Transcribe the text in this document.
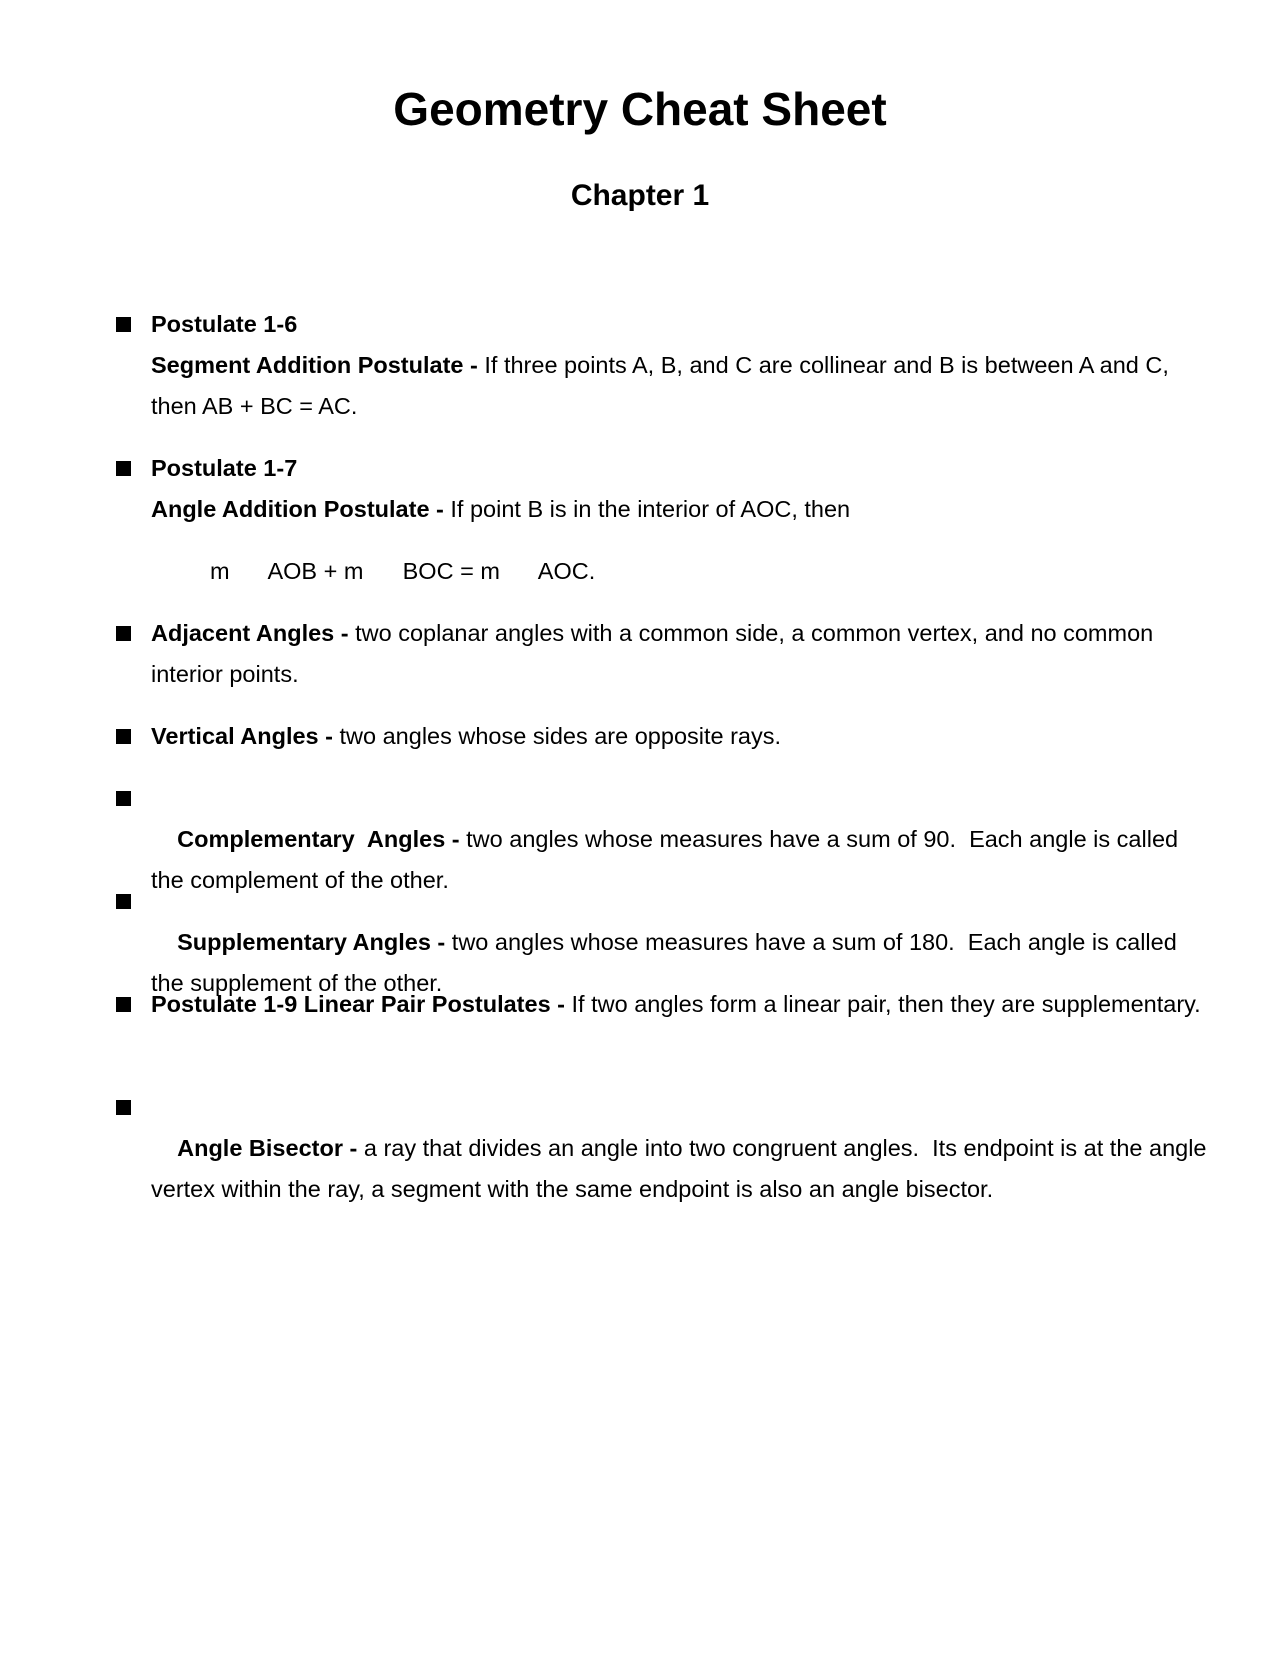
Geometry Cheat Sheet
Chapter 1
Postulate 1-6
Segment Addition Postulate - If three points A, B, and C are collinear and B is between A and C, then AB + BC = AC.
Postulate 1-7
Angle Addition Postulate - If point B is in the interior of AOC, then
m      AOB + m      BOC = m      AOC.
Adjacent Angles - two coplanar angles with a common side, a common vertex, and no common interior points.
Vertical Angles - two angles whose sides are opposite rays.

Complementary  Angles - two angles whose measures have a sum of 90.  Each angle is called the complement of the other.

Supplementary Angles - two angles whose measures have a sum of 180.  Each angle is called the supplement of the other.

Postulate 1-9 Linear Pair Postulates - If two angles form a linear pair, then they are supplementary.

Angle Bisector - a ray that divides an angle into two congruent angles.  Its endpoint is at the angle vertex within the ray, a segment with the same endpoint is also an angle bisector.
